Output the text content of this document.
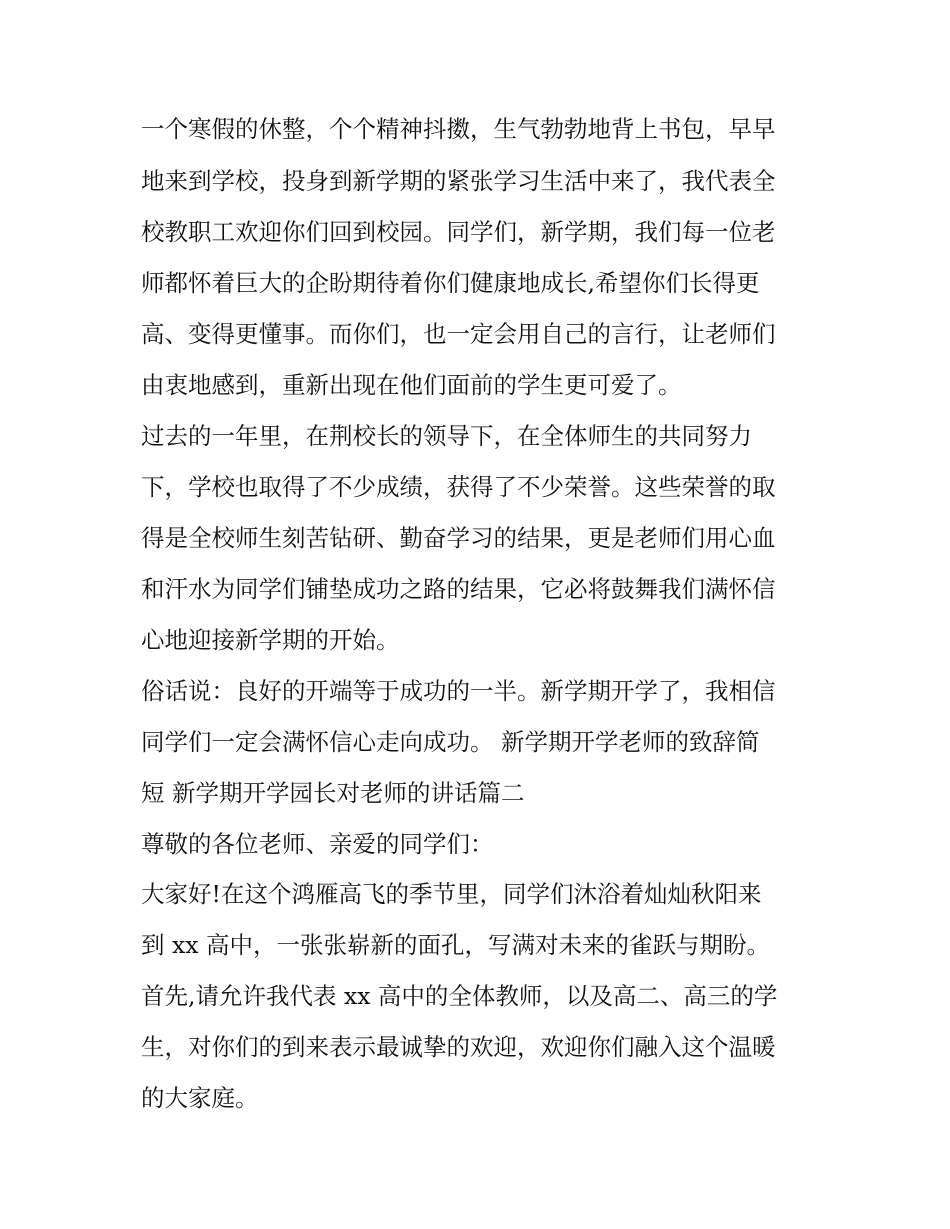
一个寒假的休整，个个精神抖擞，生气勃勃地背上书包，早早
地来到学校，投身到新学期的紧张学习生活中来了，我代表全
校教职工欢迎你们回到校园。同学们，新学期，我们每一位老
师都怀着巨大的企盼期待着你们健康地成长,希望你们长得更
高、变得更懂事。而你们，也一定会用自己的言行，让老师们
由衷地感到，重新出现在他们面前的学生更可爱了。
过去的一年里，在荆校长的领导下，在全体师生的共同努力
下，学校也取得了不少成绩，获得了不少荣誉。这些荣誉的取
得是全校师生刻苦钻研、勤奋学习的结果，更是老师们用心血
和汗水为同学们铺垫成功之路的结果，它必将鼓舞我们满怀信
心地迎接新学期的开始。
俗话说：良好的开端等于成功的一半。新学期开学了，我相信
同学们一定会满怀信心走向成功。 新学期开学老师的致辞简
短 新学期开学园长对老师的讲话篇二
尊敬的各位老师、亲爱的同学们：
大家好!在这个鸿雁高飞的季节里，同学们沐浴着灿灿秋阳来
到 xx 高中，一张张崭新的面孔，写满对未来的雀跃与期盼。
首先,请允许我代表 xx 高中的全体教师，以及高二、高三的学
生，对你们的到来表示最诚挚的欢迎，欢迎你们融入这个温暖
的大家庭。
